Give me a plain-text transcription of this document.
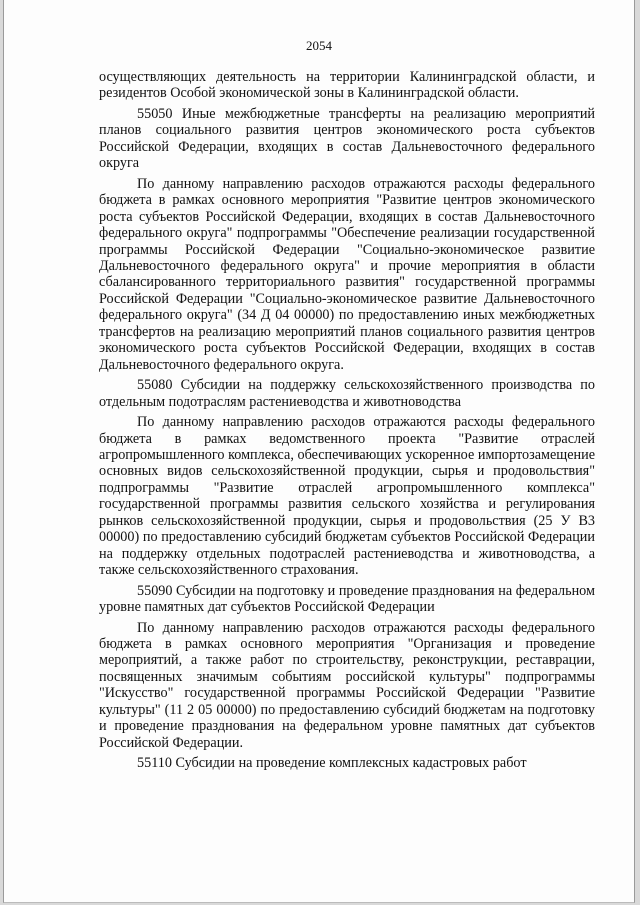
2054

осуществляющих деятельность на территории Калининградской области, и резидентов Особой экономической зоны в Калининградской области.

55050 Иные межбюджетные трансферты на реализацию мероприятий планов социального развития центров экономического роста субъектов Российской Федерации, входящих в состав Дальневосточного федерального округа

По данному направлению расходов отражаются расходы федерального бюджета в рамках основного мероприятия "Развитие центров экономического роста субъектов Российской Федерации, входящих в состав Дальневосточного федерального округа" подпрограммы "Обеспечение реализации государственной программы Российской Федерации "Социально-экономическое развитие Дальневосточного федерального округа" и прочие мероприятия в области сбалансированного территориального развития" государственной программы Российской Федерации "Социально-экономическое развитие Дальневосточного федерального округа" (34 Д 04 00000) по предоставлению иных межбюджетных трансфертов на реализацию мероприятий планов социального развития центров экономического роста субъектов Российской Федерации, входящих в состав Дальневосточного федерального округа.

55080 Субсидии на поддержку сельскохозяйственного производства по отдельным подотраслям растениеводства и животноводства

По данному направлению расходов отражаются расходы федерального бюджета в рамках ведомственного проекта "Развитие отраслей агропромышленного комплекса, обеспечивающих ускоренное импортозамещение основных видов сельскохозяйственной продукции, сырья и продовольствия" подпрограммы "Развитие отраслей агропромышленного комплекса" государственной программы развития сельского хозяйства и регулирования рынков сельскохозяйственной продукции, сырья и продовольствия (25 У В3 00000) по предоставлению субсидий бюджетам субъектов Российской Федерации на поддержку отдельных подотраслей растениеводства и животноводства, а также сельскохозяйственного страхования.

55090 Субсидии на подготовку и проведение празднования на федеральном уровне памятных дат субъектов Российской Федерации

По данному направлению расходов отражаются расходы федерального бюджета в рамках основного мероприятия "Организация и проведение мероприятий, а также работ по строительству, реконструкции, реставрации, посвященных значимым событиям российской культуры" подпрограммы "Искусство" государственной программы Российской Федерации "Развитие культуры" (11 2 05 00000) по предоставлению субсидий бюджетам на подготовку и проведение празднования на федеральном уровне памятных дат субъектов Российской Федерации.

55110 Субсидии на проведение комплексных кадастровых работ
